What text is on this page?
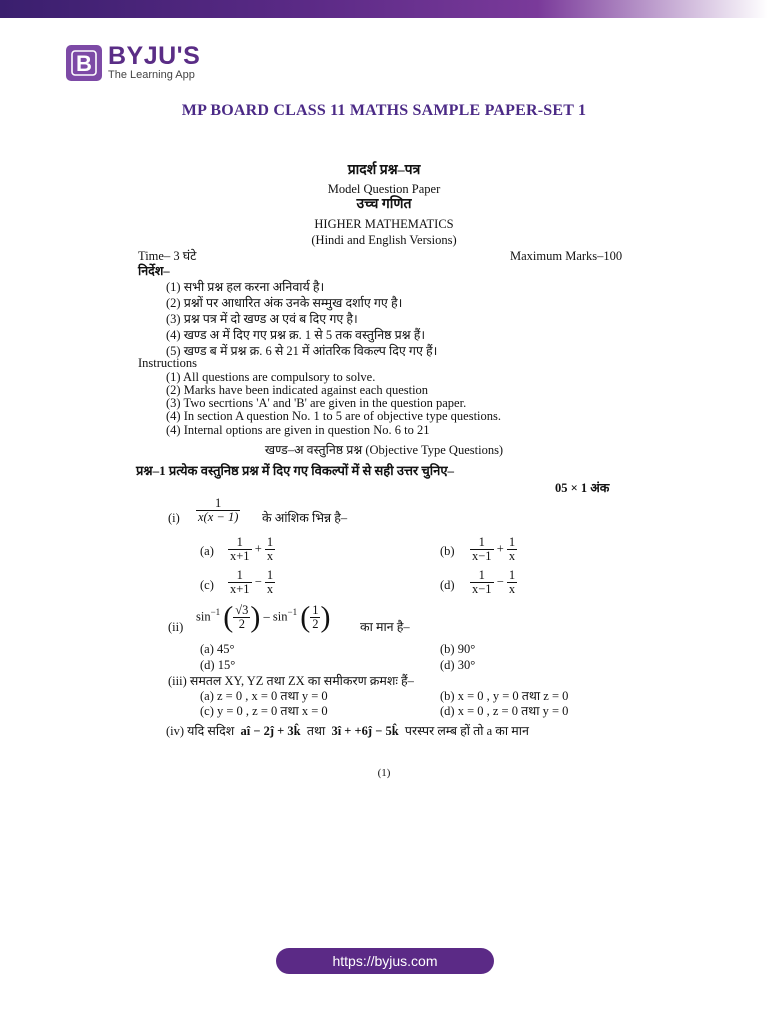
B BYJU'S
The Learning App
MP BOARD CLASS 11 MATHS SAMPLE PAPER-SET 1
प्रादर्श प्रश्न–पत्र
Model Question Paper
उच्च गणित
HIGHER MATHEMATICS
(Hindi and English Versions)
Time– 3 घंटे	Maximum Marks–100
निर्देश–
(1) सभी प्रश्न हल करना अनिवार्य है।
(2) प्रश्नों पर आधारित अंक उनके सम्मुख दर्शाए गए है।
(3) प्रश्न पत्र में दो खण्ड अ एवं ब दिए गए है।
(4) खण्ड अ में दिए गए प्रश्न क्र. 1 से 5 तक वस्तुनिष्ठ प्रश्न हैं।
(5) खण्ड ब में प्रश्न क्र. 6 से 21 में आंतरिक विकल्प दिए गए हैं।
Instructions
(1) All questions are compulsory to solve.
(2) Marks have been indicated against each question
(3) Two secrtions 'A' and 'B' are given in the question paper.
(4) In section A question No. 1 to 5 are of objective type questions.
(4) Internal options are given in question No. 6 to 21
खण्ड–अ वस्तुनिष्ठ प्रश्न (Objective Type Questions)
प्रश्न–1 प्रत्येक वस्तुनिष्ठ प्रश्न में दिए गए विकल्पों में से सही उत्तर चुनिए–
05 × 1 अंक
$(i) \frac{1}{x(x - 1)}$ के आंशिक भिन्न है–
$(a) \frac{1}{x+1} + \frac{1}{x}$	$(b) \frac{1}{x-1} + \frac{1}{x}$
$(c) \frac{1}{x+1} - \frac{1}{x}$	$(d) \frac{1}{x-1} - \frac{1}{x}$
(ii)
$\sin^{-1}$ ( $\frac{√3}{2}$ ) – $\sin^{-1}$ ( $\frac{1}{2}$ ) का मान है–
(a) 45°	(b) 90°
(d) 15°	(d) 30°
(iii) समतल XY, YZ तथा ZX का समीकरण क्रमशः हैं–
(a) z = 0 , x = 0 तथा y = 0	(b) x = 0 , y = 0 तथा z = 0
(c) y = 0 , z = 0 तथा x = 0	(d) x = 0 , z = 0 तथा y = 0
(iv) यदि सदिश aî − 2ĵ + 3k̂ तथा 3î + +6ĵ − 5k̂ परस्पर लम्ब हों तो a का मान
(1)
https://byjus.com
